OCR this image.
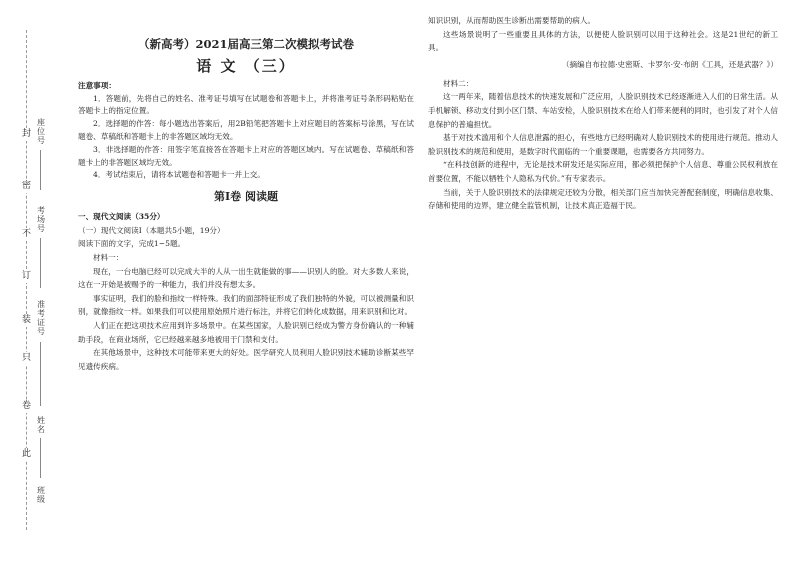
封
密
不
订
装
只
卷
此
座位号
考场号
准考证号
姓名
班级
（新高考）2021届高三第二次模拟考试卷
语 文 （三）
注意事项：

1．答题前，先将自己的姓名、准考证号填写在试题卷和答题卡上，并将准考证号条形码粘贴在答题卡上的指定位置。

2．选择题的作答：每小题选出答案后，用2B铅笔把答题卡上对应题目的答案标号涂黑，写在试题卷、草稿纸和答题卡上的非答题区域均无效。

3．非选择题的作答：用签字笔直接答在答题卡上对应的答题区域内。写在试题卷、草稿纸和答题卡上的非答题区域均无效。

4．考试结束后，请将本试题卷和答题卡一并上交。

第Ⅰ卷 阅读题
一、现代文阅读（35分）

（一）现代文阅读Ⅰ（本题共5小题，19分）

阅读下面的文字，完成1~5题。

材料一：

现在，一台电脑已经可以完成大半的人从一出生就能做的事——识别人的脸。对大多数人来说，这在一开始是被赐予的一种能力，我们并没有想太多。

事实证明，我们的脸和指纹一样特殊。我们的面部特征形成了我们独特的外貌，可以被测量和识别，就像指纹一样。如果我们可以使用原始照片进行标注，并将它们转化成数据，用来识别和比对。

人们正在把这项技术应用到许多场景中。在某些国家，人脸识别已经成为警方身份确认的一种辅助手段，在商业场所，它已经越来越多地被用于门禁和支付。

在其他场景中，这种技术可能带来更大的好处。医学研究人员利用人脸识别技术辅助诊断某些罕见遗传疾病。

知识识别，从而帮助医生诊断出需要帮助的病人。

这些场景说明了一些重要且具体的方法，以便使人脸识别可以用于这种社会。这是21世纪的新工具。

（摘编自布拉德·史密斯、卡罗尔·安·布朗《工具，还是武器？》）

材料二：

这一两年来，随着信息技术的快速发展和广泛应用，人脸识别技术已经逐渐进入人们的日常生活。从手机解锁、移动支付到小区门禁、车站安检，人脸识别技术在给人们带来便利的同时，也引发了对个人信息保护的普遍担忧。

基于对技术滥用和个人信息泄露的担心，有些地方已经明确对人脸识别技术的使用进行规范。推动人脸识别技术的规范和使用，是数字时代面临的一个重要课题，也需要各方共同努力。

“在科技创新的进程中，无论是技术研发还是实际应用，都必须把保护个人信息、尊重公民权利放在首要位置，不能以牺牲个人隐私为代价。”有专家表示。

当前，关于人脸识别技术的法律规定还较为分散，相关部门应当加快完善配套制度，明确信息收集、存储和使用的边界，建立健全监管机制，让技术真正造福于民。
